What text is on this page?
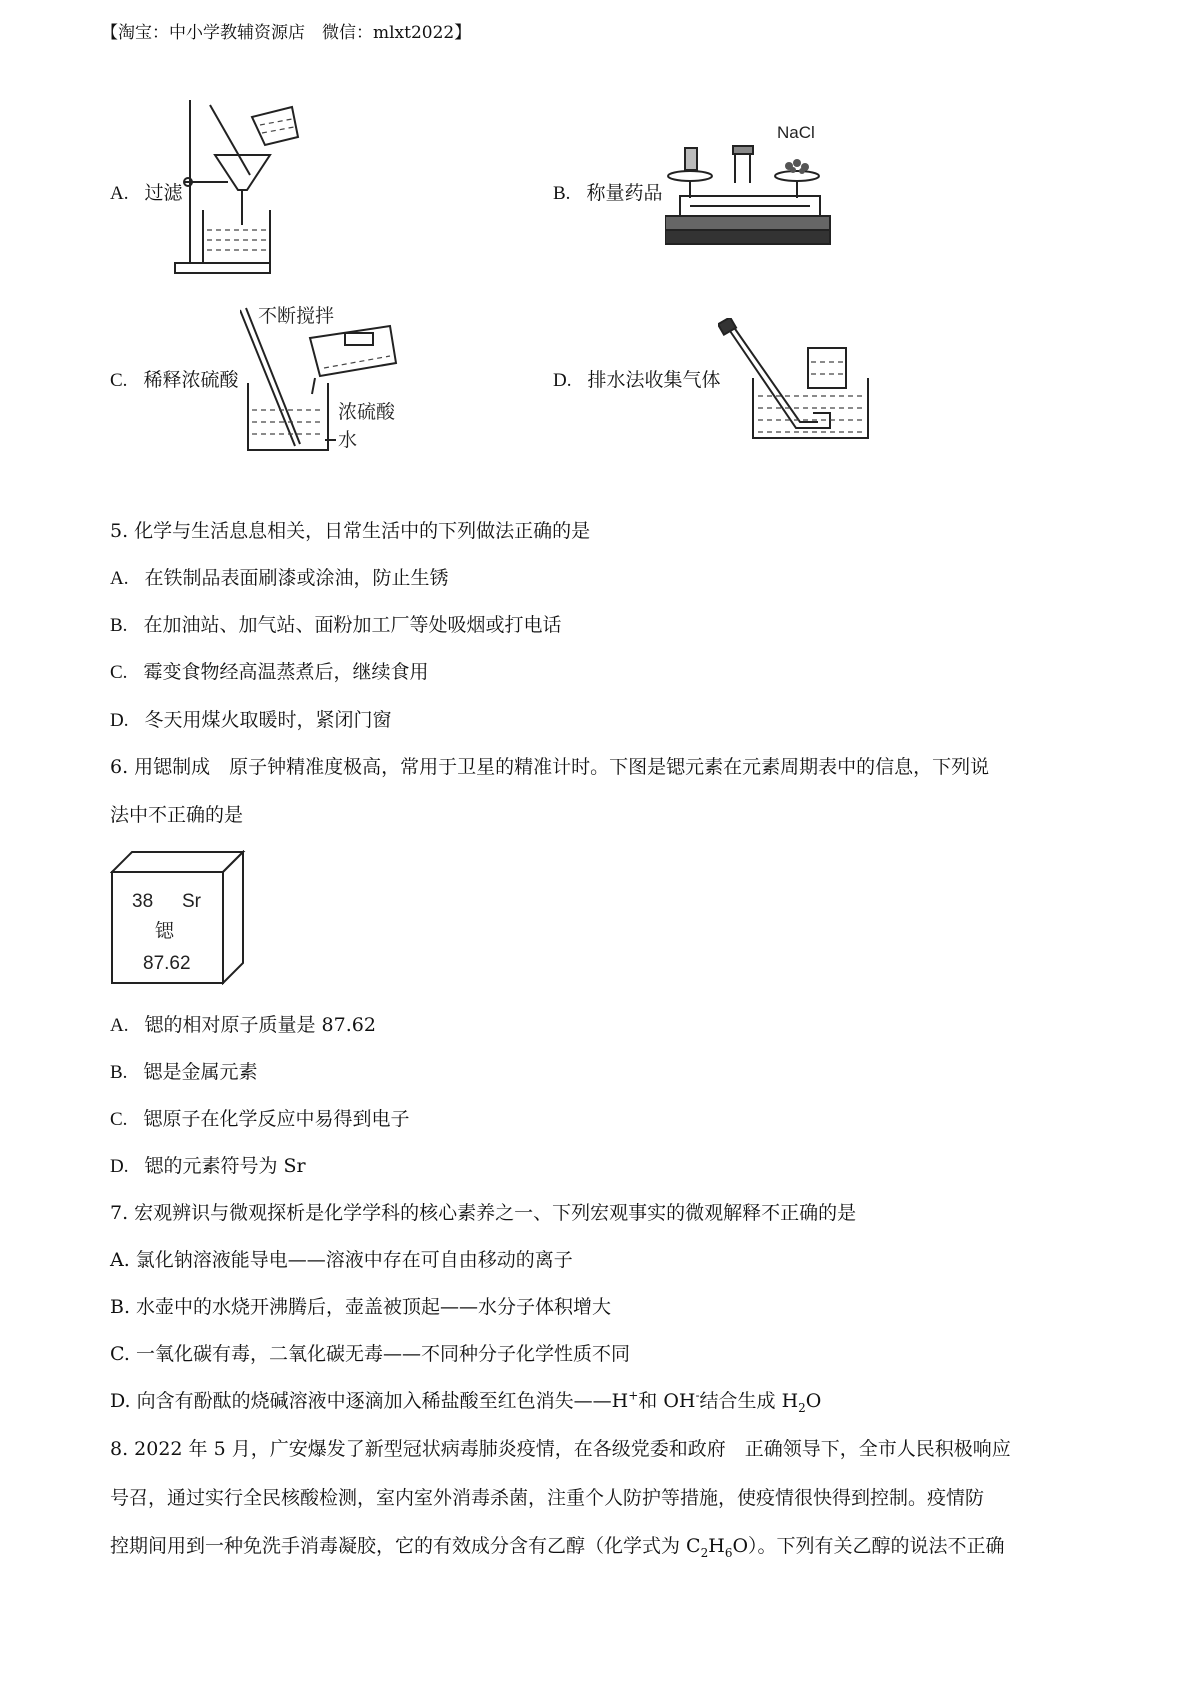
【淘宝：中小学教辅资源店　微信：mlxt2022】
A. 过滤	B. 称量药品
NaCl
C. 稀释浓硫酸
不断搅拌
浓硫酸
水
D. 排水法收集气体
5. 化学与生活息息相关，日常生活中的下列做法正确的是
A. 在铁制品表面刷漆或涂油，防止生锈
B. 在加油站、加气站、面粉加工厂等处吸烟或打电话
C. 霉变食物经高温蒸煮后，继续食用
D. 冬天用煤火取暖时，紧闭门窗
6. 用锶制成　原子钟精准度极高，常用于卫星的精准计时。下图是锶元素在元素周期表中的信息，下列说
法中不正确的是
38 Sr
锶
87.62
A. 锶的相对原子质量是 87.62
B. 锶是金属元素
C. 锶原子在化学反应中易得到电子
D. 锶的元素符号为 Sr
7. 宏观辨识与微观探析是化学学科的核心素养之一、下列宏观事实的微观解释不正确的是
A. 氯化钠溶液能导电——溶液中存在可自由移动的离子
B. 水壶中的水烧开沸腾后，壶盖被顶起——水分子体积增大
C. 一氧化碳有毒，二氧化碳无毒——不同种分子化学性质不同
D. 向含有酚酞的烧碱溶液中逐滴加入稀盐酸至红色消失——H+和 OH-结合生成 $H_2O$
8. 2022 年 5 月，广安爆发了新型冠状病毒肺炎疫情，在各级党委和政府　正确领导下，全市人民积极响应
号召，通过实行全民核酸检测，室内室外消毒杀菌，注重个人防护等措施，使疫情很快得到控制。疫情防
控期间用到一种免洗手消毒凝胶，它的有效成分含有乙醇（化学式为 $C_2H_6O$）。下列有关乙醇的说法不正确
